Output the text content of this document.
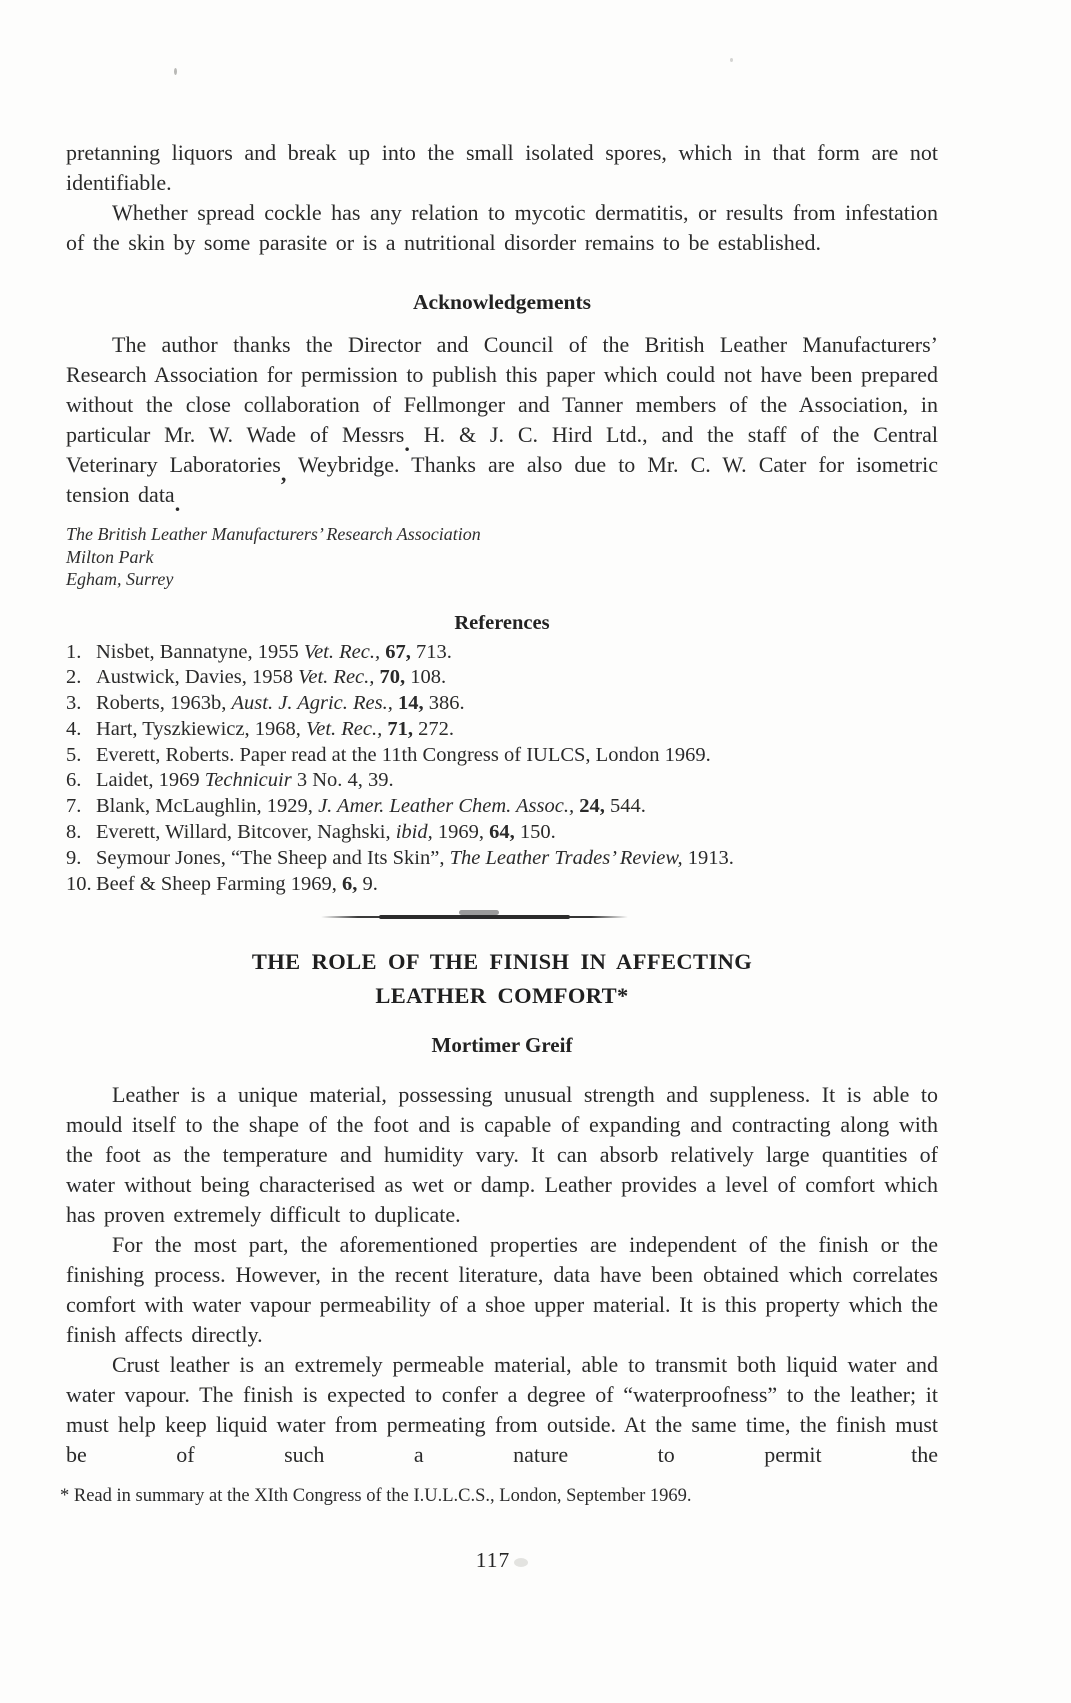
pretanning liquors and break up into the small isolated spores, which in that form are not identifiable.

Whether spread cockle has any relation to mycotic dermatitis, or results from infestation of the skin by some parasite or is a nutritional disorder remains to be established.

Acknowledgements

The author thanks the Director and Council of the British Leather Manufacturers’ Research Association for permission to publish this paper which could not have been prepared without the close collaboration of Fellmonger and Tanner members of the Association, in particular Mr. W. Wade of Messrs. H. & J. C. Hird Ltd., and the staff of the Central Veterinary Laboratories, Weybridge. Thanks are also due to Mr. C. W. Cater for isometric tension data.

The British Leather Manufacturers’ Research Association
Milton Park
Egham, Surrey
References
1. Nisbet, Bannatyne, 1955 Vet. Rec., 67, 713.
2. Austwick, Davies, 1958 Vet. Rec., 70, 108.
3. Roberts, 1963b, Aust. J. Agric. Res., 14, 386.
4. Hart, Tyszkiewicz, 1968, Vet. Rec., 71, 272.
5. Everett, Roberts. Paper read at the 11th Congress of IULCS, London 1969.
6. Laidet, 1969 Technicuir 3 No. 4, 39.
7. Blank, McLaughlin, 1929, J. Amer. Leather Chem. Assoc., 24, 544.
8. Everett, Willard, Bitcover, Naghski, ibid, 1969, 64, 150.
9. Seymour Jones, “The Sheep and Its Skin”, The Leather Trades’ Review, 1913.
10. Beef & Sheep Farming 1969, 6, 9.
THE ROLE OF THE FINISH IN AFFECTING
LEATHER COMFORT*
Mortimer Greif

Leather is a unique material, possessing unusual strength and suppleness. It is able to mould itself to the shape of the foot and is capable of expanding and contracting along with the foot as the temperature and humidity vary. It can absorb relatively large quantities of water without being characterised as wet or damp. Leather provides a level of comfort which has proven extremely difficult to duplicate.

For the most part, the aforementioned properties are independent of the finish or the finishing process. However, in the recent literature, data have been obtained which correlates comfort with water vapour permeability of a shoe upper material. It is this property which the finish affects directly.

Crust leather is an extremely permeable material, able to transmit both liquid water and water vapour. The finish is expected to confer a degree of “waterproofness” to the leather; it must help keep liquid water from permeating from outside. At the same time, the finish must be of such a nature to permit the

* Read in summary at the XIth Congress of the I.U.L.C.S., London, September 1969.

117
